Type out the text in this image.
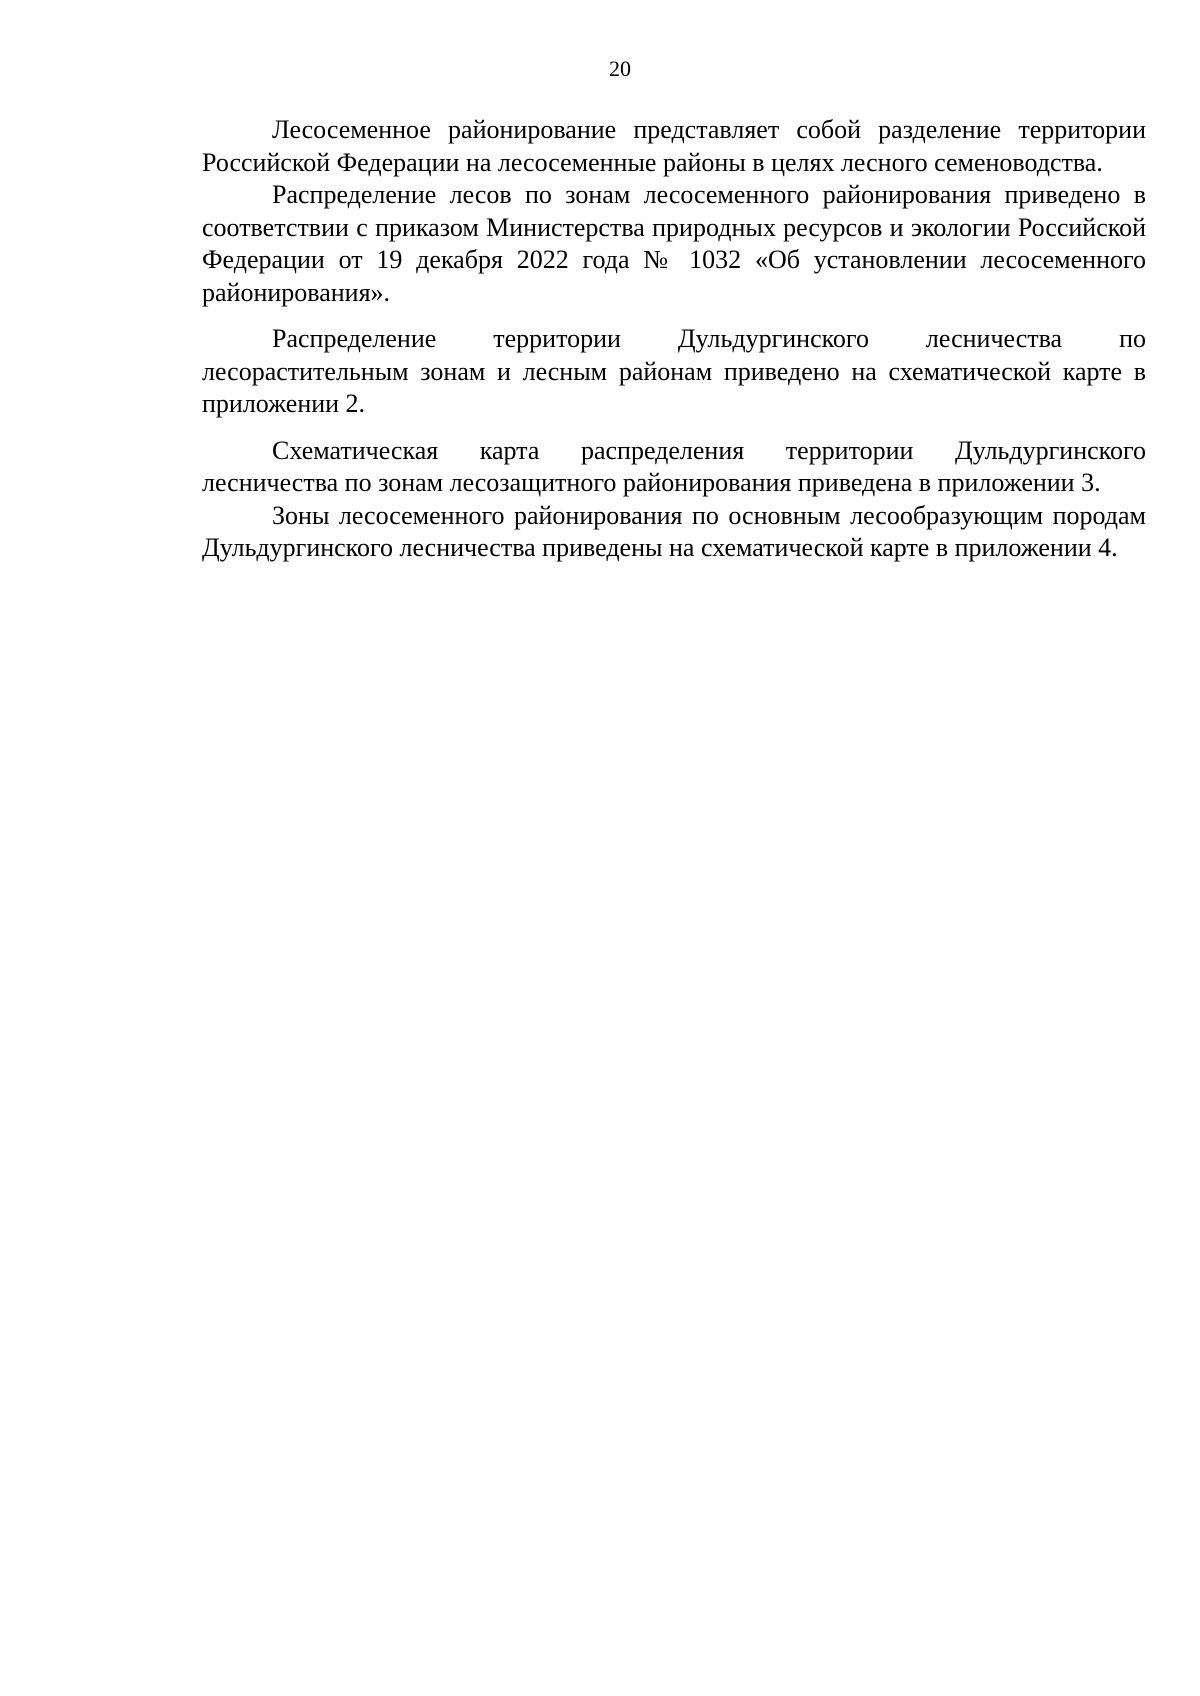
20

Лесосеменное районирование представляет собой разделение территории Российской Федерации на лесосеменные районы в целях лесного семеноводства.

Распределение лесов по зонам лесосеменного районирования приведено в соответствии с приказом Министерства природных ресурсов и экологии Российской Федерации от 19 декабря 2022 года № 1032 «Об установлении лесосеменного районирования».

Распределение территории Дульдургинского лесничества по лесорастительным зонам и лесным районам приведено на схематической карте в приложении 2.

Схематическая карта распределения территории Дульдургинского лесничества по зонам лесозащитного районирования приведена в приложении 3.

Зоны лесосеменного районирования по основным лесообразующим породам Дульдургинского лесничества приведены на схематической карте в приложении 4.
